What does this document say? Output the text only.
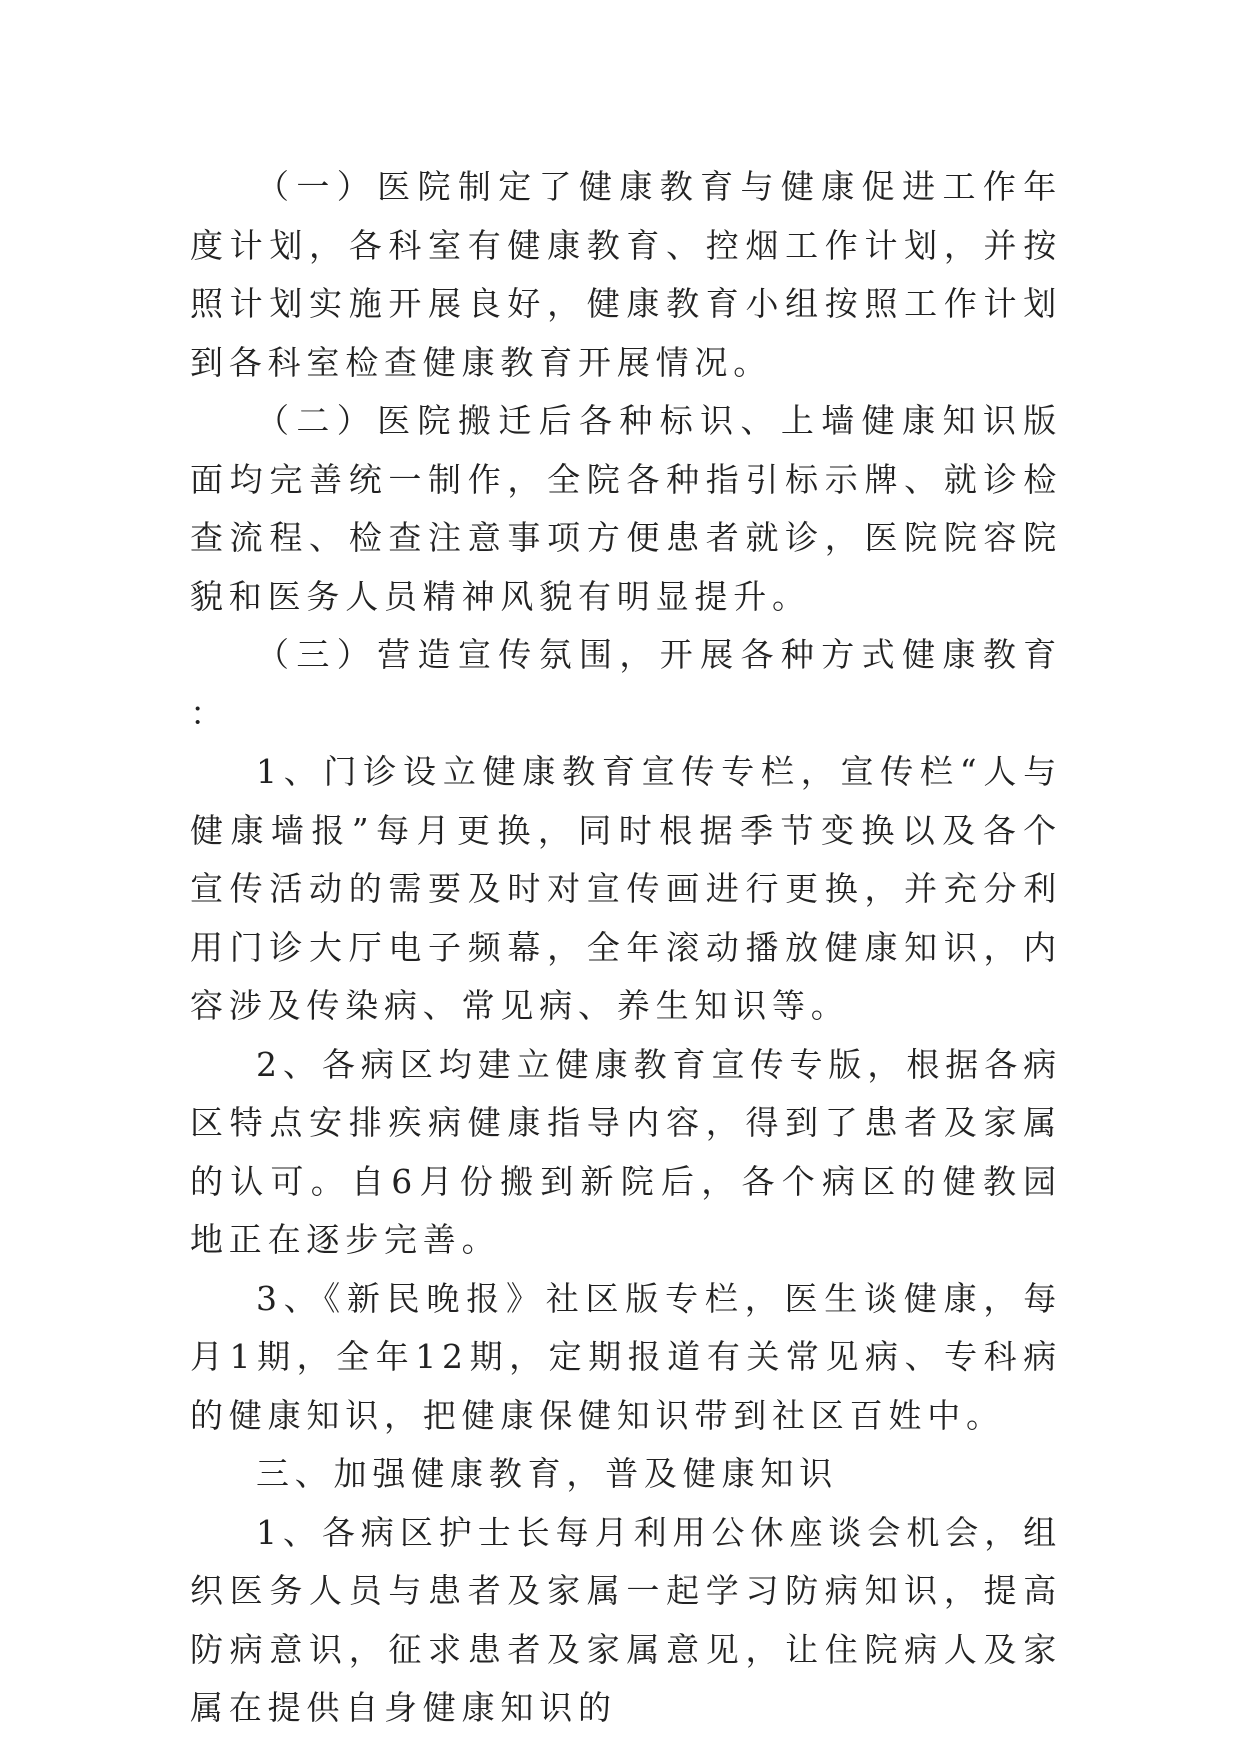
（一）医院制定了健康教育与健康促进工作年度计划，各科室有健康教育、控烟工作计划，并按照计划实施开展良好，健康教育小组按照工作计划到各科室检查健康教育开展情况。

（二）医院搬迁后各种标识、上墙健康知识版面均完善统一制作，全院各种指引标示牌、就诊检查流程、检查注意事项方便患者就诊，医院院容院貌和医务人员精神风貌有明显提升。

（三）营造宣传氛围，开展各种方式健康教育：

1、门诊设立健康教育宣传专栏，宣传栏“人与健康墙报”每月更换，同时根据季节变换以及各个宣传活动的需要及时对宣传画进行更换，并充分利用门诊大厅电子频幕，全年滚动播放健康知识，内容涉及传染病、常见病、养生知识等。

2、各病区均建立健康教育宣传专版，根据各病区特点安排疾病健康指导内容，得到了患者及家属的认可。自6月份搬到新院后，各个病区的健教园地正在逐步完善。

3、《新民晚报》社区版专栏，医生谈健康，每月1期，全年12期，定期报道有关常见病、专科病的健康知识，把健康保健知识带到社区百姓中。

三、加强健康教育，普及健康知识

1、各病区护士长每月利用公休座谈会机会，组织医务人员与患者及家属一起学习防病知识，提高防病意识，征求患者及家属意见，让住院病人及家属在提供自身健康知识的
